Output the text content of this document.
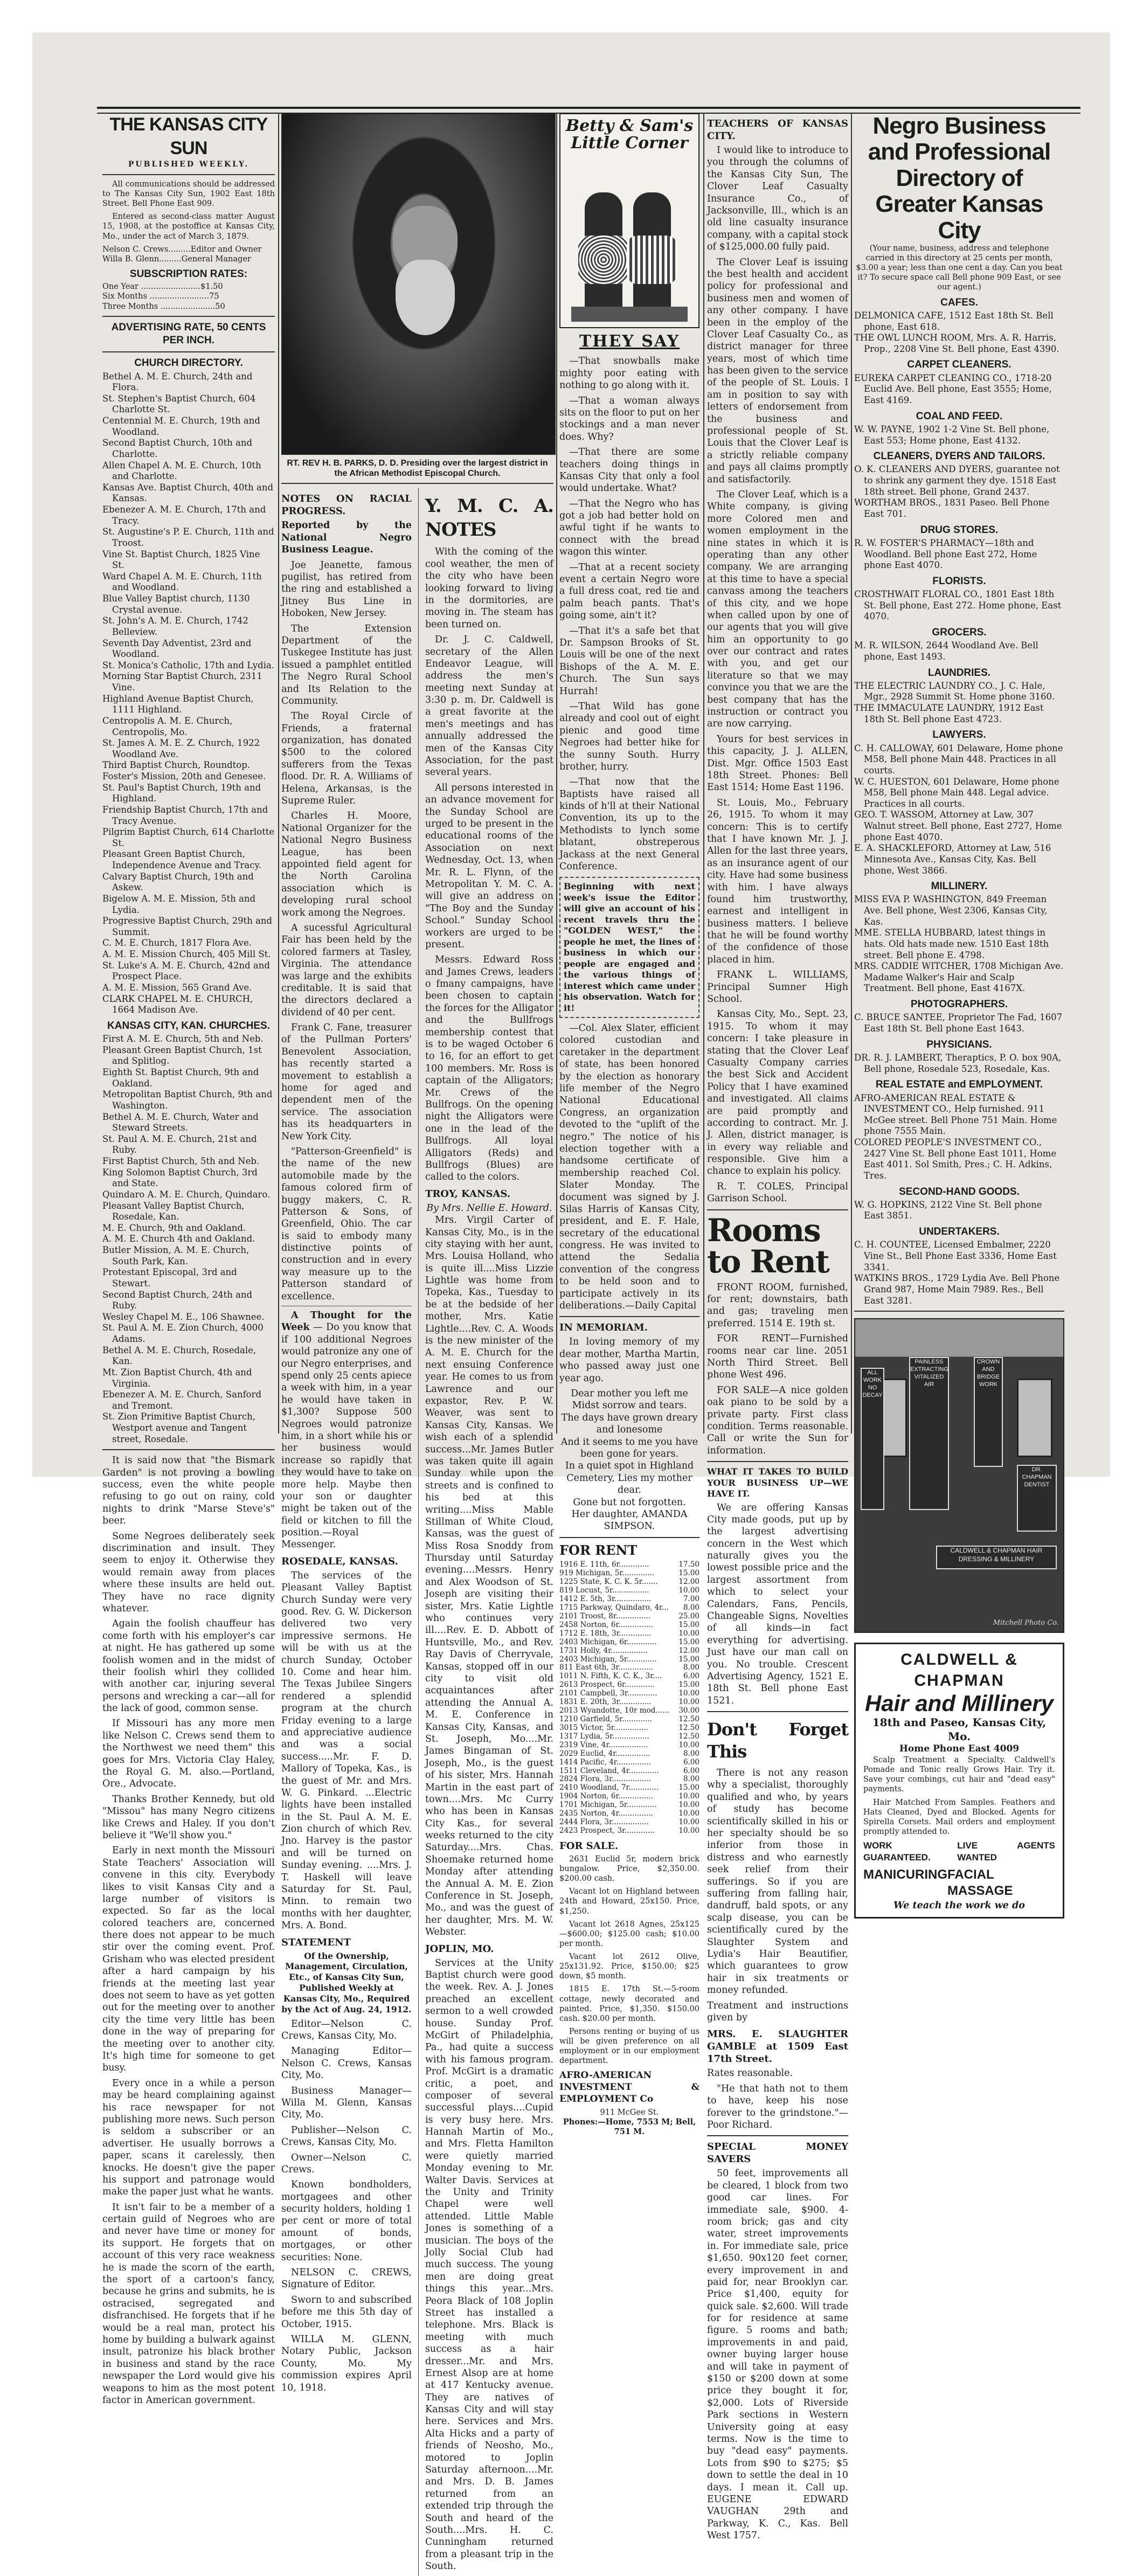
THE KANSAS CITY SUN
PUBLISHED WEEKLY.

All communications should be addressed to The Kansas City Sun, 1902 East 18th Street. Bell Phone East 909.

Entered as second-class matter August 15, 1908, at the postoffice at Kansas City, Mo., under the act of March 3, 1879.

Nelson C. Crews.........Editor and Owner
Willa B. Glenn.........General Manager
SUBSCRIPTION RATES:
One Year ........................$1.50
Six Months ........................75
Three Months ......................50
ADVERTISING RATE, 50 CENTS PER INCH.
CHURCH DIRECTORY.
Bethel A. M. E. Church, 24th and Flora.
St. Stephen's Baptist Church, 604 Charlotte St.
Centennial M. E. Church, 19th and Woodland.
Second Baptist Church, 10th and Charlotte.
Allen Chapel A. M. E. Church, 10th and Charlotte.
Kansas Ave. Baptist Church, 40th and Kansas.
Ebenezer A. M. E. Church, 17th and Tracy.
St. Augustine's P. E. Church, 11th and Troost.
Vine St. Baptist Church, 1825 Vine St.
Ward Chapel A. M. E. Church, 11th and Woodland.
Blue Valley Baptist church, 1130 Crystal avenue.
St. John's A. M. E. Church, 1742 Belleview.
Seventh Day Adventist, 23rd and Woodland.
St. Monica's Catholic, 17th and Lydia.
Morning Star Baptist Church, 2311 Vine.
Highland Avenue Baptist Church, 1111 Highland.
Centropolis A. M. E. Church, Centropolis, Mo.
St. James A. M. E. Z. Church, 1922 Woodland Ave.
Third Baptist Church, Roundtop.
Foster's Mission, 20th and Genesee.
St. Paul's Baptist Church, 19th and Highland.
Friendship Baptist Church, 17th and Tracy Avenue.
Pilgrim Baptist Church, 614 Charlotte St.
Pleasant Green Baptist Church, Independence Avenue and Tracy.
Calvary Baptist Church, 19th and Askew.
Bigelow A. M. E. Mission, 5th and Lydia.
Progressive Baptist Church, 29th and Summit.
C. M. E. Church, 1817 Flora Ave.
A. M. E. Mission Church, 405 Mill St.
St. Luke's A. M. E. Church, 42nd and Prospect Place.
A. M. E. Mission, 565 Grand Ave.
CLARK CHAPEL M. E. CHURCH, 1664 Madison Ave.
KANSAS CITY, KAN. CHURCHES.
First A. M. E. Church, 5th and Neb.
Pleasant Green Baptist Church, 1st and Splitlog.
Eighth St. Baptist Church, 9th and Oakland.
Metropolitan Baptist Church, 9th and Washington.
Bethel A. M. E. Church, Water and Steward Streets.
St. Paul A. M. E. Church, 21st and Ruby.
First Baptist Church, 5th and Neb.
King Solomon Baptist Church, 3rd and State.
Quindaro A. M. E. Church, Quindaro.
Pleasant Valley Baptist Church, Rosedale, Kan.
M. E. Church, 9th and Oakland.
A. M. E. Church 4th and Oakland.
Butler Mission, A. M. E. Church, South Park, Kan.
Protestant Episcopal, 3rd and Stewart.
Second Baptist Church, 24th and Ruby.
Wesley Chapel M. E., 106 Shawnee.
St. Paul A. M. E. Zion Church, 4000 Adams.
Bethel A. M. E. Church, Rosedale, Kan.
Mt. Zion Baptist Church, 4th and Virginia.
Ebenezer A. M. E. Church, Sanford and Tremont.
St. Zion Primitive Baptist Church, Westport avenue and Tangent street, Rosedale.

It is said now that "the Bismark Garden" is not proving a bowling success, even the white people refusing to go out on rainy, cold nights to drink "Marse Steve's" beer.

Some Negroes deliberately seek discrimination and insult. They seem to enjoy it. Otherwise they would remain away from places where these insults are held out. They have no race dignity whatever.

Again the foolish chauffeur has come forth with his employer's car at night. He has gathered up some foolish women and in the midst of their foolish whirl they collided with another car, injuring several persons and wrecking a car—all for the lack of good, common sense.

If Missouri has any more men like Nelson C. Crews send them to the Northwest we need them" this goes for Mrs. Victoria Clay Haley, the Royal G. M. also.—Portland, Ore., Advocate.

Thanks Brother Kennedy, but old "Missou" has many Negro citizens like Crews and Haley. If you don't believe it "We'll show you."

Early in next month the Missouri State Teachers' Association will convene in this city. Everybody likes to visit Kansas City and a large number of visitors is expected. So far as the local colored teachers are, concerned there does not appear to be much stir over the coming event. Prof. Grisham who was elected president after a hard campaign by his friends at the meeting last year does not seem to have as yet gotten out for the meeting over to another city the time very little has been done in the way of preparing for the meeting over to another city. It's high time for someone to get busy.

Every once in a while a person may be heard complaining against his race newspaper for not publishing more news. Such person is seldom a subscriber or an advertiser. He usually borrows a paper, scans it carelessly, then knocks. He doesn't give the paper his support and patronage would make the paper just what he wants.

It isn't fair to be a member of a certain guild of Negroes who are and never have time or money for its support. He forgets that on account of this very race weakness he is made the scorn of the earth, the sport of a cartoon's fancy, because he grins and submits, he is ostracised, segregated and disfranchised. He forgets that if he would be a real man, protect his home by building a bulwark against insult, patronize his black brother in business and stand by the race newspaper the Lord would give his weapons to him as the most potent factor in American government.

RT. REV H. B. PARKS, D. D. Presiding over the largest district in the African Methodist Episcopal Church.
NOTES ON RACIAL PROGRESS.

Reported by the National Negro Business League.

Joe Jeanette, famous pugilist, has retired from the ring and established a Jitney Bus Line in Hoboken, New Jersey.

The Extension Department of the Tuskegee Institute has just issued a pamphlet entitled The Negro Rural School and Its Relation to the Community.

The Royal Circle of Friends, a fraternal organization, has donated $500 to the colored sufferers from the Texas flood. Dr. R. A. Williams of Helena, Arkansas, is the Supreme Ruler.

Charles H. Moore, National Organizer for the National Negro Business League, has been appointed field agent for the North Carolina association which is developing rural school work among the Negroes.

A sucessful Agricultural Fair has been held by the colored farmers at Tasley, Virginia. The attendance was large and the exhibits creditable. It is said that the directors declared a dividend of 40 per cent.

Frank C. Fane, treasurer of the Pullman Porters' Benevolent Association, has recently started a movement to establish a home for aged and dependent men of the service. The association has its headquarters in New York City.

"Patterson-Greenfield" is the name of the new automobile made by the famous colored firm of buggy makers, C. R. Patterson & Sons, of Greenfield, Ohio. The car is said to embody many distinctive points of construction and in every way measure up to the Patterson standard of excellence.

A Thought for the Week — Do you know that if 100 additional Negroes would patronize any one of our Negro enterprises, and spend only 25 cents apiece a week with him, in a year he would have taken in $1,300? Suppose 500 Negroes would patronize him, in a short while his or her business would increase so rapidly that they would have to take on more help. Maybe then your son or daughter might be taken out of the field or kitchen to fill the position.—Royal Messenger.

ROSEDALE, KANSAS.

The services of the Pleasant Valley Baptist Church Sunday were very good. Rev. G. W. Dickerson delivered two very impressive sermons. He will be with us at the church Sunday, October 10. Come and hear him. The Texas Jubilee Singers rendered a splendid program at the church Friday evening to a large and appreciative audience and was a social success.....Mr. F. D. Mallory of Topeka, Kas., is the guest of Mr. and Mrs. W. G. Pinkard. ...Electric lights have been installed in the St. Paul A. M. E. Zion church of which Rev. Jno. Harvey is the pastor and will be turned on Sunday evening. ....Mrs. J. T. Haskell will leave Saturday for St. Paul, Minn. to remain two months with her daughter, Mrs. A. Bond.

STATEMENT

Of the Ownership, Management, Circulation, Etc., of Kansas City Sun, Published Weekly at Kansas City, Mo., Required by the Act of Aug. 24, 1912.

Editor—Nelson C. Crews, Kansas City, Mo.

Managing Editor—Nelson C. Crews, Kansas City, Mo.

Business Manager—Willa M. Glenn, Kansas City, Mo.

Publisher—Nelson C. Crews, Kansas City, Mo.

Owner—Nelson C. Crews.

Known bondholders, mortgagees and other security holders, holding 1 per cent or more of total amount of bonds, mortgages, or other securities: None.

NELSON C. CREWS, Signature of Editor.

Sworn to and subscribed before me this 5th day of October, 1915.

WILLA M. GLENN, Notary Public, Jackson County, Mo. My commission expires April 10, 1918.

Y. M. C. A. NOTES

With the coming of the cool weather, the men of the city who have been looking forward to living in the dormitories, are moving in. The steam has been turned on.

Dr. J. C. Caldwell, secretary of the Allen Endeavor League, will address the men's meeting next Sunday at 3:30 p. m. Dr. Caldwell is a great favorite at the men's meetings and has annually addressed the men of the Kansas City Association, for the past several years.

All persons interested in an advance movement for the Sunday School are urged to be present in the educational rooms of the Association on next Wednesday, Oct. 13, when Mr. R. L. Flynn, of the Metropolitan Y. M. C. A. will give an address on "The Boy and the Sunday School." Sunday School workers are urged to be present.

Messrs. Edward Ross and James Crews, leaders o fmany campaigns, have been chosen to captain the forces for the Alligator and the Bullfrogs membership contest that is to be waged October 6 to 16, for an effort to get 100 members. Mr. Ross is captain of the Alligators; Mr. Crews of the Bullfrogs. On the opening night the Alligators were one in the lead of the Bullfrogs. All loyal Alligators (Reds) and Bullfrogs (Blues) are called to the colors.

TROY, KANSAS.
By Mrs. Nellie E. Howard.

Mrs. Virgil Carter of Kansas City, Mo., is in the city staying with her aunt, Mrs. Louisa Holland, who is quite ill....Miss Lizzie Lightle was home from Topeka, Kas., Tuesday to be at the bedside of her mother, Mrs. Katie Lightle....Rev. C. A. Woods is the new minister of the A. M. E. Church for the next ensuing Conference year. He comes to us from Lawrence and our expastor, Rev. P. W. Weaver, was sent to Kansas City, Kansas. We wish each of a splendid success...Mr. James Butler was taken quite ill again Sunday while upon the streets and is confined to his bed at this writing....Miss Mable Stillman of White Cloud, Kansas, was the guest of Miss Rosa Snoddy from Thursday until Saturday evening....Messrs. Henry and Alex Woodson of St. Joseph are visiting their sister, Mrs. Katie Lightle who continues very ill....Rev. E. D. Abbott of Huntsville, Mo., and Rev. Ray Davis of Cherryvale, Kansas, stopped off in our city to visit old acquaintances after attending the Annual A. M. E. Conference in Kansas City, Kansas, and St. Joseph, Mo....Mr. James Bingaman of St. Joseph, Mo., is the guest of his sister, Mrs. Hannah Martin in the east part of town....Mrs. Mc Curry who has been in Kansas City Kas., for several weeks returned to the city Saturday....Mrs. Chas. Shoemake returned home Monday after attending the Annual A. M. E. Zion Conference in St. Joseph, Mo., and was the guest of her daughter, Mrs. M. W. Webster.

JOPLIN, MO.

Services at the Unity Baptist church were good the week. Rev. A. J. Jones preached an excellent sermon to a well crowded house. Sunday Prof. McGirt of Philadelphia, Pa., had quite a success with his famous program. Prof. McGirt is a dramatic critic, a poet, and composer of several successful plays....Cupid is very busy here. Mrs. Hannah Martin of Mo., and Mrs. Fletta Hamilton were quietly married Monday evening to Mr. Walter Davis. Services at the Unity and Trinity Chapel were well attended. Little Mable Jones is something of a musician. The boys of the Jolly Social Club had much success. The young men are doing great things this year...Mrs. Peora Black of 108 Joplin Street has installed a telephone. Mrs. Black is meeting with much success as a hair dresser...Mr. and Mrs. Ernest Alsop are at home at 417 Kentucky avenue. They are natives of Kansas City and will stay here. Services and Mrs. Alta Hicks and a party of friends of Neosho, Mo., motored to Joplin Saturday afternoon....Mr. and Mrs. D. B. James returned from an extended trip through the South and heard of the South....Mrs. H. C. Cunningham returned from a pleasant trip in the South.

Betty & Sam's Little Corner
THEY SAY

—That snowballs make mighty poor eating with nothing to go along with it.

—That a woman always sits on the floor to put on her stockings and a man never does. Why?

—That there are some teachers doing things in Kansas City that only a fool would undertake. What?

—That the Negro who has got a job had better hold on awful tight if he wants to connect with the bread wagon this winter.

—That at a recent society event a certain Negro wore a full dress coat, red tie and palm beach pants. That's going some, ain't it?

—That it's a safe bet that Dr. Sampson Brooks of St. Louis will be one of the next Bishops of the A. M. E. Church. The Sun says Hurrah!

—That Wild has gone already and cool out of eight pienic and good time Negroes had better hike for the sunny South. Hurry brother, hurry.

—That now that the Baptists have raised all kinds of h'll at their National Convention, its up to the Methodists to lynch some blatant, obstreperous Jackass at the next General Conference.

Beginning with next week's issue the Editor will give an account of his recent travels thru the "GOLDEN WEST," the people he met, the lines of business in which our people are engaged and the various things of interest which came under his observation. Watch for it!

—Col. Alex Slater, efficient colored custodian and caretaker in the department of state, has been honored by the election as honorary life member of the Negro National Educational Congress, an organization devoted to the "uplift of the negro." The notice of his election together with a handsome certificate of membership reached Col. Slater Monday. The document was signed by J. Silas Harris of Kansas City, president, and E. F. Hale, secretary of the educational congress. He was invited to attend the Sedalia convention of the congress to be held soon and to participate actively in its deliberations.—Daily Capital

IN MEMORIAM.

In loving memory of my dear mother, Martha Martin, who passed away just one year ago.

Dear mother you left me
Midst sorrow and tears.
The days have grown dreary and lonesome
And it seems to me you have been gone for years.
In a quiet spot in Highland Cemetery, Lies my mother dear.
Gone but not forgotten.
Her daughter, AMANDA SIMPSON.
FOR RENT
1916 E. 11th, 6r.............	17.50
919 Michigan, 5r..............	15.00
1225 State, K. C. K. 5r.......	12.00
819 Locust, 5r................	10.00
1412 E. 5th, 3r................	7.00
1715 Parkway, Quindaro, 4r... 8.00
2101 Troost, 8r...............	25.00
2458 Norton, 6r...............	15.00
1712 E. 18th, 3r..............	10.00
2403 Michigan, 6r.............	15.00
1731 Holly, 4r................	12.00
2403 Michigan, 5r.............	15.00
811 East 6th, 3r...............	8.00
1011 N. Fifth, K. C. K., 3r....	6.00
2613 Prospect, 6r.............	15.00
2101 Campbell, 3r.............	10.00
1831 E. 20th, 3r..............	10.00
2013 Wyandotte, 10r mod...... 30.00
1210 Garfield, 5r.............	12.50
3015 Victor, 5r...............	12.50
1317 Lydia, 5r................	12.50
2319 Vine, 4r.................	10.00
2029 Euclid, 4r...............	8.00
1414 Pacific, 4r...............	6.00
1511 Cleveland, 4r.............	6.00
2824 Flora, 3r.................	8.00
2410 Woodland, 7r.............	15.00
1904 Norton, 6r...............	10.00
1701 Michigan, 5r.............	10.00
2435 Norton, 4r...............	10.00
2444 Flora, 3r................	10.00
2423 Prospect, 3r.............	10.00
FOR SALE.

2631 Euclid 5r, modern brick bungalow. Price, $2,350.00. $200.00 cash.

Vacant lot on Highland between 24th and Howard, 25x150. Price, $1,250.

Vacant lot 2618 Agnes, 25x125—$600.00; $125.00 cash; $10.00 per month.

Vacant lot 2612 Olive, 25x131.92. Price, $150.00; $25 down, $5 month.

1815 E. 17th St.—5-room cottage, newly decorated and painted. Price, $1,350. $150.00 cash. $20.00 per month.

Persons renting or buying of us will be given preference on all employment or in our employment department.

AFRO-AMERICAN INVESTMENT & EMPLOYMENT Co
911 McGee St.
Phones:—Home, 7553 M; Bell, 751 M.
TEACHERS OF KANSAS CITY.

I would like to introduce to you through the columns of the Kansas City Sun, The Clover Leaf Casualty Insurance Co., of Jacksonville, Ill., which is an old line casualty insurance company, with a capital stock of $125,000.00 fully paid.

The Clover Leaf is issuing the best health and accident policy for professional and business men and women of any other company. I have been in the employ of the Clover Leaf Casualty Co., as district manager for three years, most of which time has been given to the service of the people of St. Louis. I am in position to say with letters of endorsement from the business and professional people of St. Louis that the Clover Leaf is a strictly reliable company and pays all claims promptly and satisfactorily.

The Clover Leaf, which is a White company, is giving more Colored men and women employment in the nine states in which it is operating than any other company. We are arranging at this time to have a special canvass among the teachers of this city, and we hope when called upon by one of our agents that you will give him an opportunity to go over our contract and rates with you, and get our literature so that we may convince you that we are the best company that has the instruction or contract you are now carrying.

Yours for best services in this capacity, J. J. ALLEN, Dist. Mgr. Office 1503 East 18th Street. Phones: Bell East 1514; Home East 1196.

St. Louis, Mo., February 26, 1915. To whom it may concern: This is to certify that I have known Mr. J. J. Allen for the last three years, as an insurance agent of our city. Have had some business with him. I have always found him trustworthy, earnest and intelligent in business matters. I believe that he will be found worthy of the confidence of those placed in him.

FRANK L. WILLIAMS, Principal Sumner High School.

Kansas City, Mo., Sept. 23, 1915. To whom it may concern: I take pleasure in stating that the Clover Leaf Casualty Company carries the best Sick and Accident Policy that I have examined and investigated. All claims are paid promptly and according to contract. Mr. J. J. Allen, district manager, is in every way reliable and responsible. Give him a chance to explain his policy.

R. T. COLES, Principal Garrison School.

Rooms to Rent

FRONT ROOM, furnished, for rent; downstairs, bath and gas; traveling men preferred. 1514 E. 19th st.

FOR RENT—Furnished rooms near car line. 2051 North Third Street. Bell phone West 496.

FOR SALE—A nice golden oak piano to be sold by a private party. First class condition. Terms reasonable. Call or write the Sun for information.

WHAT IT TAKES TO BUILD YOUR BUSINESS UP—WE HAVE IT.

We are offering Kansas City made goods, put up by the largest advertising concern in the West which naturally gives you the lowest possible price and the largest assortment from which to select your Calendars, Fans, Pencils, Changeable Signs, Novelties of all kinds—in fact everything for advertising. Just have our man call on you. No trouble. Crescent Advertising Agency, 1521 E. 18th St. Bell phone East 1521.

Don't Forget This

There is not any reason why a specialist, thoroughly qualified and who, by years of study has become scientifically skilled in his or her specialty should be so inferior from those in distress and who earnestly seek relief from their sufferings. So if you are suffering from falling hair, dandruff, bald spots, or any scalp disease, you can be scientifically cured by the Slaughter System and Lydia's Hair Beautifier, which guarantees to grow hair in six treatments or money refunded.

Treatment and instructions given by

MRS. E. SLAUGHTER GAMBLE at 1509 East 17th Street.

Rates reasonable.

"He that hath not to them to have, keep his nose forever to the grindstone."—Poor Richard.

SPECIAL MONEY SAVERS

50 feet, improvements all be cleared, 1 block from two good car lines. For immediate sale, $900. 4-room brick; gas and city water, street improvements in. For immediate sale, price $1,650. 90x120 feet corner, every improvement in and paid for, near Brooklyn car. Price $1,400, equity for quick sale. $2,600. Will trade for for residence at same figure. 5 rooms and bath; improvements in and paid, owner buying larger house and will take in payment of $150 or $200 down at some price they bought it for, $2,000. Lots of Riverside Park sections in Western University going at easy terms. Now is the time to buy "dead easy" payments. Lots from $90 to $275; $5 down to settle the deal in 10 days. I mean it. Call up. EUGENE EDWARD VAUGHAN 29th and Parkway, K. C., Kas. Bell West 1757.

Negro Business and Professional Directory of Greater Kansas City

(Your name, business, address and telephone carried in this directory at 25 cents per month, $3.00 a year; less than one cent a day. Can you beat it? To secure space call Bell phone 909 East, or see our agent.)

CAFES.
DELMONICA CAFE, 1512 East 18th St. Bell phone, East 618.
THE OWL LUNCH ROOM, Mrs. A. R. Harris, Prop., 2208 Vine St. Bell phone, East 4390.
CARPET CLEANERS.
EUREKA CARPET CLEANING CO., 1718-20 Euclid Ave. Bell phone, East 3555; Home, East 4169.
COAL AND FEED.
W. W. PAYNE, 1902 1-2 Vine St. Bell phone, East 553; Home phone, East 4132.
CLEANERS, DYERS AND TAILORS.
O. K. CLEANERS AND DYERS, guarantee not to shrink any garment they dye. 1518 East 18th street. Bell phone, Grand 2437.
WORTHAM BROS., 1831 Paseo. Bell Phone East 701.
DRUG STORES.
R. W. FOSTER'S PHARMACY—18th and Woodland. Bell phone East 272, Home phone East 4070.
FLORISTS.
CROSTHWAIT FLORAL CO., 1801 East 18th St. Bell phone, East 272. Home phone, East 4070.
GROCERS.
M. R. WILSON, 2644 Woodland Ave. Bell phone, East 1493.
LAUNDRIES.
THE ELECTRIC LAUNDRY CO., J. C. Hale, Mgr., 2928 Summit St. Home phone 3160.
THE IMMACULATE LAUNDRY, 1912 East 18th St. Bell phone East 4723.
LAWYERS.
C. H. CALLOWAY, 601 Delaware, Home phone M58, Bell phone Main 448. Practices in all courts.
W. C. HUESTON, 601 Delaware, Home phone M58, Bell phone Main 448. Legal advice. Practices in all courts.
GEO. T. WASSOM, Attorney at Law, 307 Walnut street. Bell phone, East 2727, Home phone East 4070.
E. A. SHACKLEFORD, Attorney at Law, 516 Minnesota Ave., Kansas City, Kas. Bell phone, West 3866.
MILLINERY.
MISS EVA P. WASHINGTON, 849 Freeman Ave. Bell phone, West 2306, Kansas City, Kas.
MME. STELLA HUBBARD, latest things in hats. Old hats made new. 1510 East 18th street. Bell phone E. 4798.
MRS. CADDIE WITCHER, 1708 Michigan Ave. Madame Walker's Hair and Scalp Treatment. Bell phone, East 4167X.
PHOTOGRAPHERS.
C. BRUCE SANTEE, Proprietor The Fad, 1607 East 18th St. Bell phone East 1643.
PHYSICIANS.
DR. R. J. LAMBERT, Theraptics, P. O. box 90A, Bell phone, Rosedale 523, Rosedale, Kas.
REAL ESTATE and EMPLOYMENT.
AFRO-AMERICAN REAL ESTATE & INVESTMENT CO., Help furnished. 911 McGee street. Bell Phone 751 Main. Home phone 7555 Main.
COLORED PEOPLE'S INVESTMENT CO., 2427 Vine St. Bell phone East 1011, Home East 4011. Sol Smith, Pres.; C. H. Adkins, Tres.
SECOND-HAND GOODS.
W. G. HOPKINS, 2122 Vine St. Bell phone East 3851.
UNDERTAKERS.
C. H. COUNTEE, Licensed Embalmer, 2220 Vine St., Bell Phone East 3336, Home East 3341.
WATKINS BROS., 1729 Lydia Ave. Bell Phone Grand 987, Home Main 7989. Res., Bell East 3281.
ALL WORK NO DECAY
PAINLESS EXTRACTING VITALIZED AIR
CROWN AND BRIDGE WORK
DR. CHAPMAN DENTIST
CALDWELL & CHAPMAN HAIR DRESSING & MILLINERY
Mitchell Photo Co.
CALDWELL & CHAPMAN
Hair and Millinery
18th and Paseo, Kansas City, Mo.
Home Phone East 4009

Scalp Treatment a Specialty. Caldwell's Pomade and Tonic really Grows Hair. Try it. Save your combings, cut hair and "dead easy" payments.

Hair Matched From Samples. Feathers and Hats Cleaned, Dyed and Blocked. Agents for Spirella Corsets. Mail orders and employment promptly attended to.

WORK GUARANTEED.
LIVE AGENTS WANTED
MANICURING FACIAL MASSAGE
We teach the work we do
